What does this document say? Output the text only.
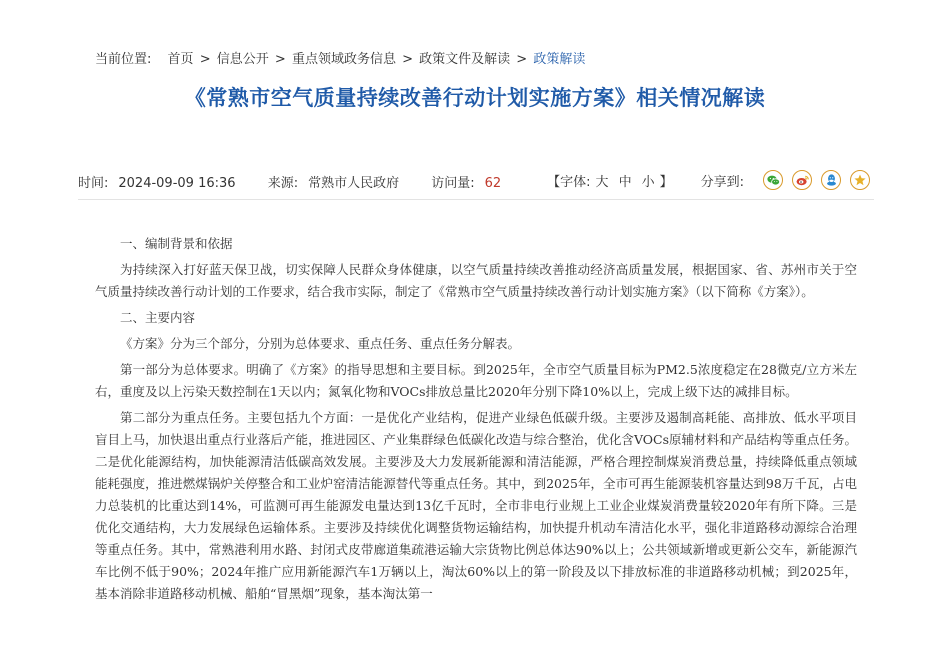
当前位置: 首页 > 信息公开 > 重点领域政务信息 > 政策文件及解读 > 政策解读
《常熟市空气质量持续改善行动计划实施方案》相关情况解读
时间: 2024-09-09 16:36 来源: 常熟市人民政府 访问量: 62	【字体: 大 中 小 】 分享到:

一、编制背景和依据

为持续深入打好蓝天保卫战，切实保障人民群众身体健康，以空气质量持续改善推动经济高质量发展，根据国家、省、苏州市关于空气质量持续改善行动计划的工作要求，结合我市实际，制定了《常熟市空气质量持续改善行动计划实施方案》（以下简称《方案》）。

二、主要内容

《方案》分为三个部分，分别为总体要求、重点任务、重点任务分解表。

第一部分为总体要求。明确了《方案》的指导思想和主要目标。到2025年，全市空气质量目标为PM2.5浓度稳定在28微克/立方米左右，重度及以上污染天数控制在1天以内；氮氧化物和VOCs排放总量比2020年分别下降10%以上，完成上级下达的减排目标。

第二部分为重点任务。主要包括九个方面：一是优化产业结构，促进产业绿色低碳升级。主要涉及遏制高耗能、高排放、低水平项目盲目上马，加快退出重点行业落后产能，推进园区、产业集群绿色低碳化改造与综合整治，优化含VOCs原辅材料和产品结构等重点任务。二是优化能源结构，加快能源清洁低碳高效发展。主要涉及大力发展新能源和清洁能源，严格合理控制煤炭消费总量，持续降低重点领域能耗强度，推进燃煤锅炉关停整合和工业炉窑清洁能源替代等重点任务。其中，到2025年，全市可再生能源装机容量达到98万千瓦，占电力总装机的比重达到14%，可监测可再生能源发电量达到13亿千瓦时，全市非电行业规上工业企业煤炭消费量较2020年有所下降。三是优化交通结构，大力发展绿色运输体系。主要涉及持续优化调整货物运输结构，加快提升机动车清洁化水平，强化非道路移动源综合治理等重点任务。其中，常熟港利用水路、封闭式皮带廊道集疏港运输大宗货物比例总体达90%以上；公共领域新增或更新公交车，新能源汽车比例不低于90%；2024年推广应用新能源汽车1万辆以上，淘汰60%以上的第一阶段及以下排放标准的非道路移动机械；到2025年，基本消除非道路移动机械、船舶“冒黑烟”现象，基本淘汰第一
